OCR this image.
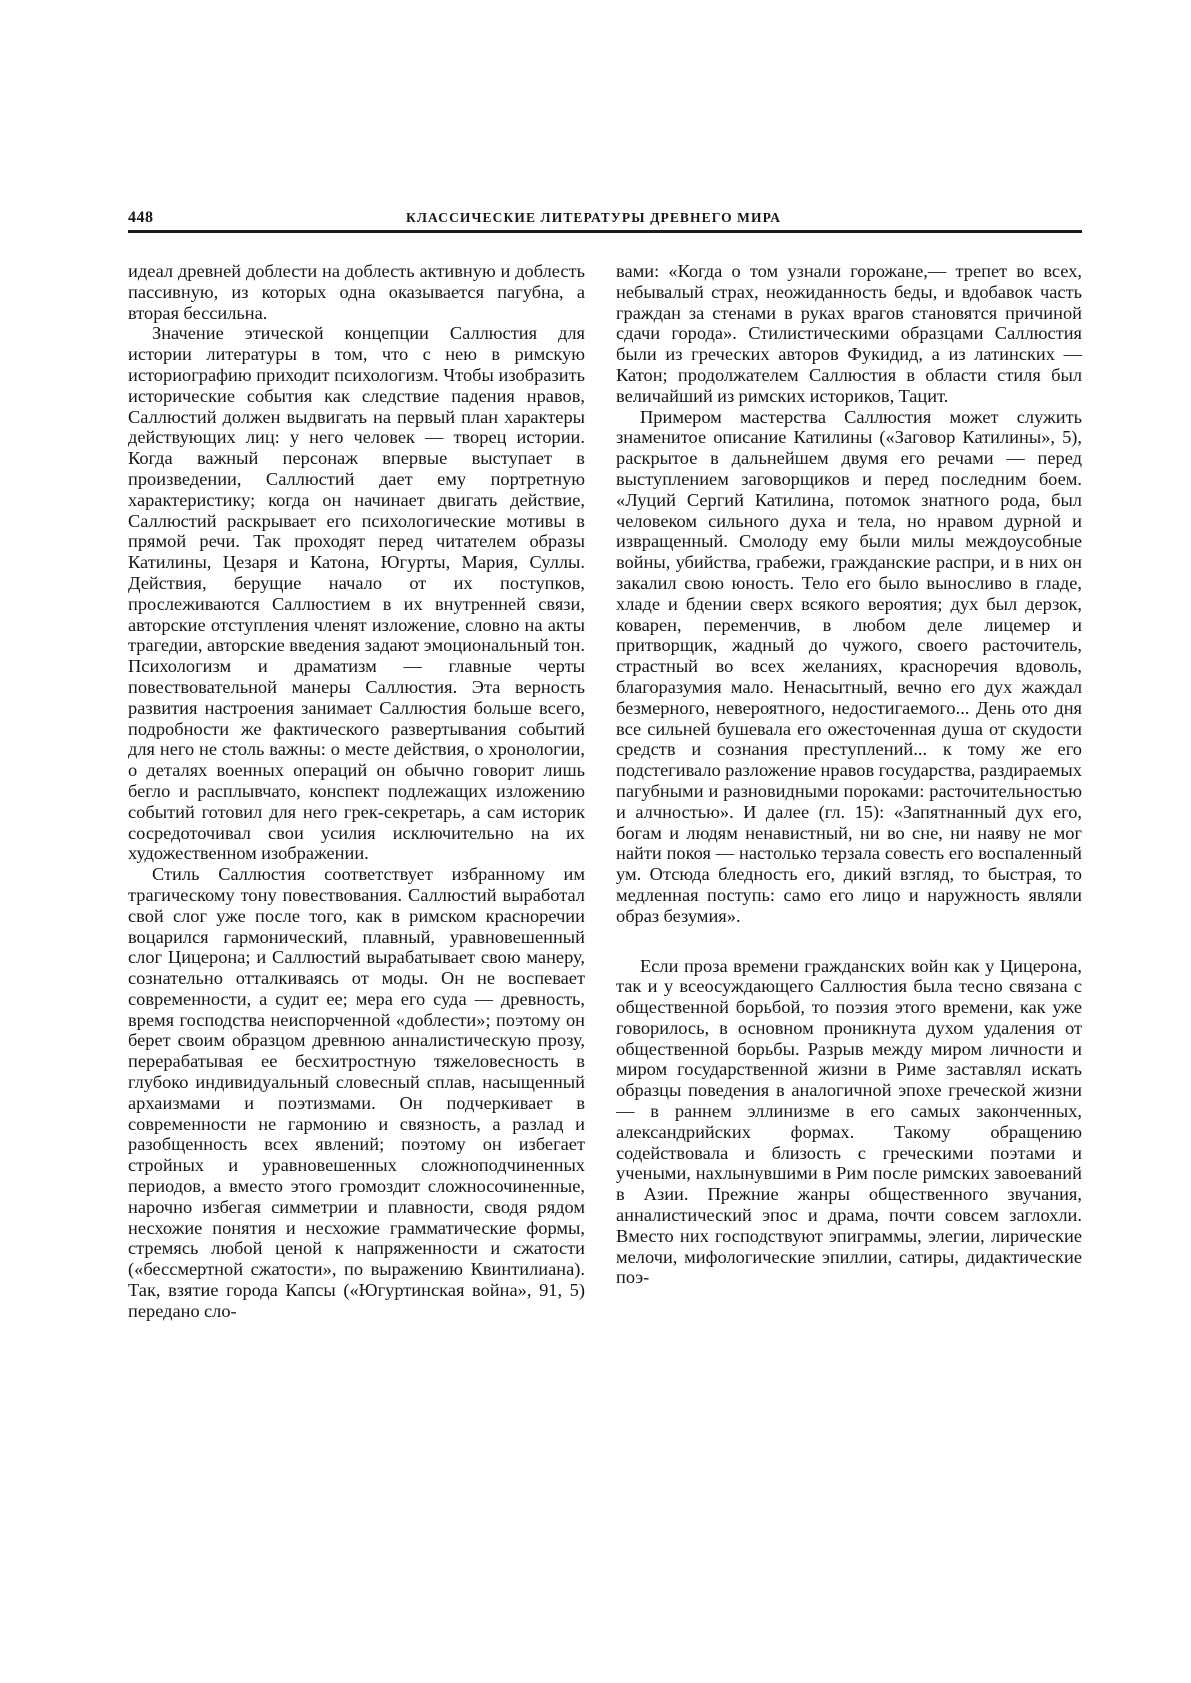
448	КЛАССИЧЕСКИЕ ЛИТЕРАТУРЫ ДРЕВНЕГО МИРА

идеал древней доблести на доблесть активную и доблесть пассивную, из которых одна оказывается пагубна, а вторая бессильна.

Значение этической концепции Саллюстия для истории литературы в том, что с нею в римскую историографию приходит психологизм. Чтобы изобразить исторические события как следствие падения нравов, Саллюстий должен выдвигать на первый план характеры действующих лиц: у него человек — творец истории. Когда важный персонаж впервые выступает в произведении, Саллюстий дает ему портретную характеристику; когда он начинает двигать действие, Саллюстий раскрывает его психологические мотивы в прямой речи. Так проходят перед читателем образы Катилины, Цезаря и Катона, Югурты, Мария, Суллы. Действия, берущие начало от их поступков, прослеживаются Саллюстием в их внутренней связи, авторские отступления членят изложение, словно на акты трагедии, авторские введения задают эмоциональный тон. Психологизм и драматизм — главные черты повествовательной манеры Саллюстия. Эта верность развития настроения занимает Саллюстия больше всего, подробности же фактического развертывания событий для него не столь важны: о месте действия, о хронологии, о деталях военных операций он обычно говорит лишь бегло и расплывчато, конспект подлежащих изложению событий готовил для него грек-секретарь, а сам историк сосредоточивал свои усилия исключительно на их художественном изображении.

Стиль Саллюстия соответствует избранному им трагическому тону повествования. Саллюстий выработал свой слог уже после того, как в римском красноречии воцарился гармонический, плавный, уравновешенный слог Цицерона; и Саллюстий вырабатывает свою манеру, сознательно отталкиваясь от моды. Он не воспевает современности, а судит ее; мера его суда — древность, время господства неиспорченной «доблести»; поэтому он берет своим образцом древнюю анналистическую прозу, перерабатывая ее бесхитростную тяжеловесность в глубоко индивидуальный словесный сплав, насыщенный архаизмами и поэтизмами. Он подчеркивает в современности не гармонию и связность, а разлад и разобщенность всех явлений; поэтому он избегает стройных и уравновешенных сложноподчиненных периодов, а вместо этого громоздит сложносочиненные, нарочно избегая симметрии и плавности, сводя рядом несхожие понятия и несхожие грамматические формы, стремясь любой ценой к напряженности и сжатости («бессмертной сжатости», по выражению Квинтилиана). Так, взятие города Капсы («Югуртинская война», 91, 5) передано сло-

вами: «Когда о том узнали горожане,— трепет во всех, небывалый страх, неожиданность беды, и вдобавок часть граждан за стенами в руках врагов становятся причиной сдачи города». Стилистическими образцами Саллюстия были из греческих авторов Фукидид, а из латинских — Катон; продолжателем Саллюстия в области стиля был величайший из римских историков, Тацит.

Примером мастерства Саллюстия может служить знаменитое описание Катилины («Заговор Катилины», 5), раскрытое в дальнейшем двумя его речами — перед выступлением заговорщиков и перед последним боем. «Луций Сергий Катилина, потомок знатного рода, был человеком сильного духа и тела, но нравом дурной и извращенный. Смолоду ему были милы междоусобные войны, убийства, грабежи, гражданские распри, и в них он закалил свою юность. Тело его было выносливо в гладе, хладе и бдении сверх всякого вероятия; дух был дерзок, коварен, переменчив, в любом деле лицемер и притворщик, жадный до чужого, своего расточитель, страстный во всех желаниях, красноречия вдоволь, благоразумия мало. Ненасытный, вечно его дух жаждал безмерного, невероятного, недостигаемого... День ото дня все сильней бушевала его ожесточенная душа от скудости средств и сознания преступлений... к тому же его подстегивало разложение нравов государства, раздираемых пагубными и разновидными пороками: расточительностью и алчностью». И далее (гл. 15): «Запятнанный дух его, богам и людям ненавистный, ни во сне, ни наяву не мог найти покоя — настолько терзала совесть его воспаленный ум. Отсюда бледность его, дикий взгляд, то быстрая, то медленная поступь: само его лицо и наружность являли образ безумия».

Если проза времени гражданских войн как у Цицерона, так и у всеосуждающего Саллюстия была тесно связана с общественной борьбой, то поэзия этого времени, как уже говорилось, в основном проникнута духом удаления от общественной борьбы. Разрыв между миром личности и миром государственной жизни в Риме заставлял искать образцы поведения в аналогичной эпохе греческой жизни — в раннем эллинизме в его самых законченных, александрийских формах. Такому обращению содействовала и близость с греческими поэтами и учеными, нахлынувшими в Рим после римских завоеваний в Азии. Прежние жанры общественного звучания, анналистический эпос и драма, почти совсем заглохли. Вместо них господствуют эпиграммы, элегии, лирические мелочи, мифологические эпиллии, сатиры, дидактические поэ-
